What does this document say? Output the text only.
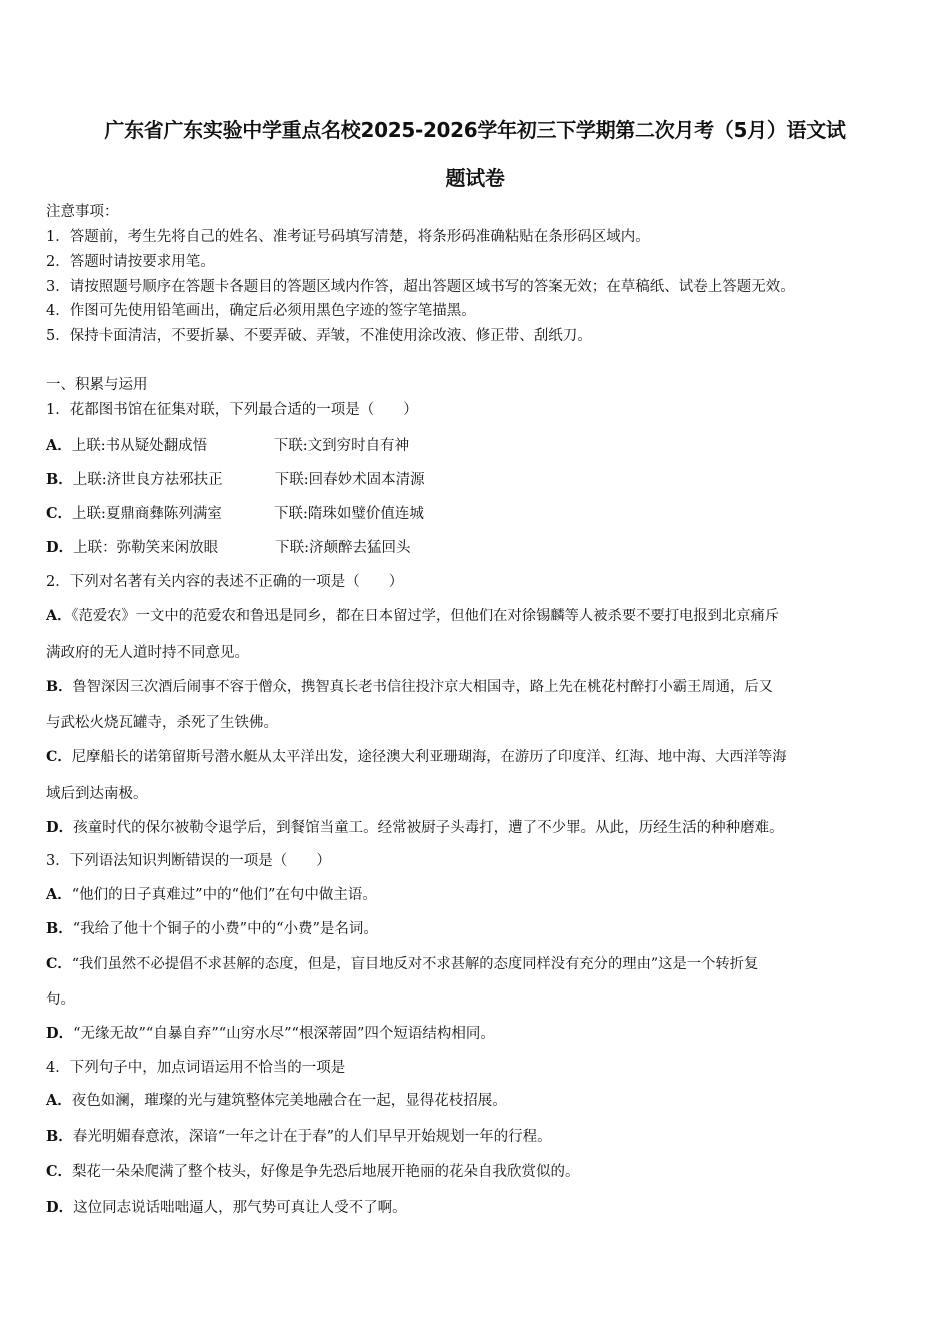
广东省广东实验中学重点名校2025-2026学年初三下学期第二次月考（5月）语文试
题试卷
注意事项：
1．答题前，考生先将自己的姓名、准考证号码填写清楚，将条形码准确粘贴在条形码区域内。
2．答题时请按要求用笔。
3．请按照题号顺序在答题卡各题目的答题区域内作答，超出答题区域书写的答案无效；在草稿纸、试卷上答题无效。
4．作图可先使用铅笔画出，确定后必须用黑色字迹的签字笔描黑。
5．保持卡面清洁，不要折暴、不要弄破、弄皱，不准使用涂改液、修正带、刮纸刀。
一、积累与运用
1．花都图书馆在征集对联，下列最合适的一项是（　　）
A．上联:书从疑处翻成悟	下联:文到穷时自有神
B．上联:济世良方祛邪扶正	下联:回春妙术固本清源
C．上联:夏鼎商彝陈列满室	下联:隋珠如璧价值连城
D．上联：弥勒笑来闲放眼	下联:济颠醉去猛回头
2．下列对名著有关内容的表述不正确的一项是（　　）
A．《范爱农》一文中的范爱农和鲁迅是同乡，都在日本留过学，但他们在对徐锡麟等人被杀要不要打电报到北京痛斥
满政府的无人道时持不同意见。
B．鲁智深因三次酒后闹事不容于僧众，携智真长老书信往投汴京大相国寺，路上先在桃花村醉打小霸王周通，后又
与武松火烧瓦罐寺，杀死了生铁佛。
C．尼摩船长的诺第留斯号潜水艇从太平洋出发，途径澳大利亚珊瑚海，在游历了印度洋、红海、地中海、大西洋等海
域后到达南极。
D．孩童时代的保尔被勒令退学后，到餐馆当童工。经常被厨子头毒打，遭了不少罪。从此，历经生活的种种磨难。
3．下列语法知识判断错误的一项是（　　）
A．“他们的日子真难过”中的“他们”在句中做主语。
B．“我给了他十个铜子的小费”中的“小费”是名词。
C．“我们虽然不必提倡不求甚解的态度，但是，盲目地反对不求甚解的态度同样没有充分的理由”这是一个转折复
句。
D．“无缘无故”“自暴自弃”“山穷水尽”“根深蒂固”四个短语结构相同。
4．下列句子中，加点词语运用不恰当的一项是
A．夜色如澜，璀璨的光与建筑整体完美地融合在一起，显得花枝招展。
B．春光明媚春意浓，深谙“一年之计在于春”的人们早早开始规划一年的行程。
C．梨花一朵朵爬满了整个枝头，好像是争先恐后地展开艳丽的花朵自我欣赏似的。
D．这位同志说话咄咄逼人，那气势可真让人受不了啊。
